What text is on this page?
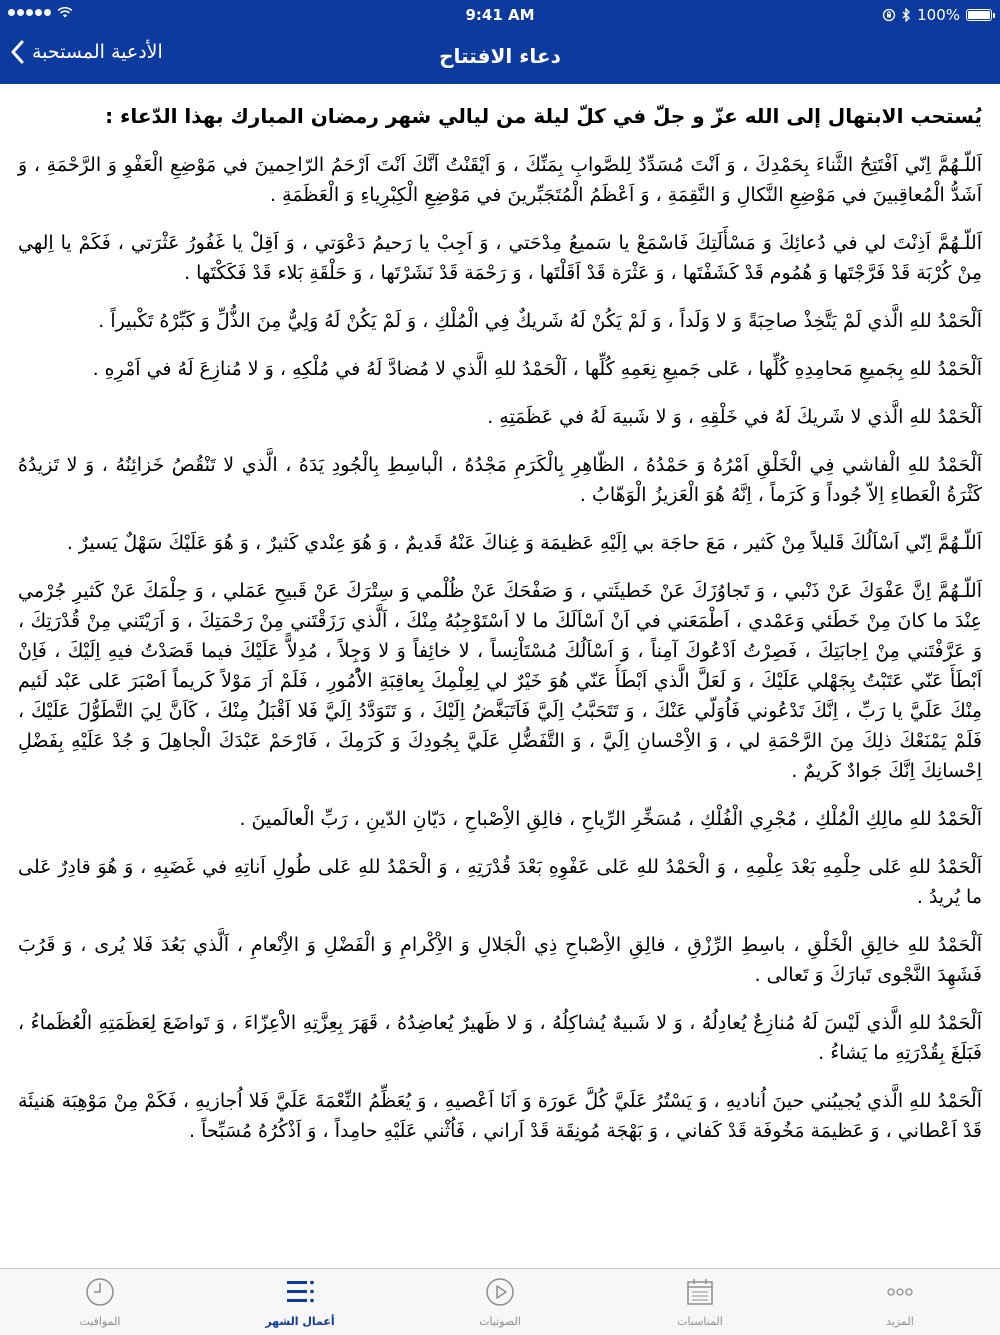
9:41 AM	100%
الأدعية المستحبة	دعاء الافتتاح
يُستحب الابتهال إلى الله عزّ و جلّ في كلّ ليلة من ليالي شهر رمضان المبارك بهذا الدّعاء :
اَللّـهُمَّ اِنّي اَفْتَتِحُ الثَّناءَ بِحَمْدِكَ ، وَ اَنْتَ مُسَدِّدٌ لِلصَّوابِ بِمَنِّكَ ، وَ اَيْقَنْتُ اَنَّكَ اَنْتَ اَرْحَمُ الرّاحِمينَ في مَوْضِعِ الْعَفْوِ وَ الرَّحْمَةِ ، وَ اَشَدُّ الْمُعاقِبينَ في مَوْضِعِ النَّكالِ وَ النَّقِمَةِ ، وَ اَعْظَمُ الْمُتَجَبِّرينَ في مَوْضِعِ الْكِبْرِياءِ وَ الْعَظَمَةِ .
اَللّـهُمَّ اَذِنْتَ لي في دُعائِكَ وَ مَسْأَلَتِكَ فَاسْمَعْ يا سَميعُ مِدْحَتي ، وَ اَجِبْ يا رَحيمُ دَعْوَتي ، وَ اَقِلْ يا غَفُورُ عَثْرَتي ، فَكَمْ يا اِلهي مِنْ كُرْبَة قَدْ فَرَّجْتَها وَ هُمُوم قَدْ كَشَفْتَها ، وَ عَثْرَة قَدْ اَقَلْتَها ، وَ رَحْمَة قَدْ نَشَرْتَها ، وَ حَلْقَةِ بَلاء قَدْ فَكَكْتَها .
اَلْحَمْدُ للهِ الَّذي لَمْ يَتَّخِذْ صاحِبَةً وَ لا وَلَداً ، وَ لَمْ يَكُنْ لَهُ شَريكٌ فِي الْمُلْكِ ، وَ لَمْ يَكُنْ لَهُ وَلِيٌّ مِنَ الذُّلِّ وَ كَبِّرْهُ تَكْبيراً .
اَلْحَمْدُ للهِ بِجَميعِ مَحامِدِهِ كُلِّها ، عَلى جَميعِ نِعَمِهِ كُلِّها ، اَلْحَمْدُ للهِ الَّذي لا مُضادَّ لَهُ في مُلْكِهِ ، وَ لا مُنازِعَ لَهُ في اَمْرِهِ .
اَلْحَمْدُ للهِ الَّذي لا شَريكَ لَهُ في خَلْقِهِ ، وَ لا شَبيهَ لَهُ في عَظَمَتِهِ .
اَلْحَمْدُ للهِ الْفاشي فِي الْخَلْقِ اَمْرُهُ وَ حَمْدُهُ ، الظّاهِرِ بِالْكَرَمِ مَجْدُهُ ، الْباسِطِ بِالْجُودِ يَدَهُ ، الَّذي لا تَنْقُصُ خَزائِنُهُ ، وَ لا تَزيدُهُ كَثْرَةُ الْعَطاءِ اِلاّ جُوداً وَ كَرَماً ، اِنَّهُ هُوَ الْعَزيزُ الْوَهّابُ .
اَللّـهُمَّ اِنّي اَسْاَلُكَ قَليلاً مِنْ كَثير ، مَعَ حاجَة بي اِلَيْهِ عَظيمَة وَ غِناكَ عَنْهُ قَديمٌ ، وَ هُوَ عِنْدي كَثيرٌ ، وَ هُوَ عَلَيْكَ سَهْلٌ يَسيرٌ .
اَللّـهُمَّ اِنَّ عَفْوَكَ عَنْ ذَنْبي ، وَ تَجاوُزَكَ عَنْ خَطيئَتي ، وَ صَفْحَكَ عَنْ ظُلْمي وَ سِتْرَكَ عَنْ قَبيحِ عَمَلي ، وَ حِلْمَكَ عَنْ كَثيرِ جُرْمي عِنْدَ ما كانَ مِنْ خَطَئي وَعَمْدي ، اَطْمَعَني في اَنْ اَسْاَلَكَ ما لا اَسْتَوْجِبُهُ مِنْكَ ، اَلَّذي رَزَقْتَني مِنْ رَحْمَتِكَ ، وَ اَرَيْتَني مِنْ قُدْرَتِكَ ، وَ عَرَّفْتَني مِنْ اِجابَتِكَ ، فَصِرْتُ اَدْعُوكَ آمِناً ، وَ اَسْاَلُكَ مُسْتَاْنِساً ، لا خائِفاً وَ لا وَجِلاً ، مُدِلاًّ عَلَيْكَ فيما قَصَدْتُ فيهِ اِلَيْكَ ، فَاِنْ اَبْطَأَ عَنّي عَتَبْتُ بِجَهْلي عَلَيْكَ ، وَ لَعَلَّ الَّذي اَبْطَأَ عَنّي هُوَ خَيْرٌ لي لِعِلْمِكَ بِعاقِبَةِ الاُْمُورِ ، فَلَمْ اَرَ مَوْلاً كَريماً اَصْبَرَ عَلى عَبْد لَئيم مِنْكَ عَلَيَّ يا رَبِّ ، اِنَّكَ تَدْعُوني فَاُوَلّي عَنْكَ ، وَ تَتَحَبَّبُ اِلَيَّ فَاَتَبَغَّضُ اِلَيْكَ ، وَ تَتَوَدَّدُ اِلَيَّ فَلا اَقْبَلُ مِنْكَ ، كَاَنَّ لِيَ التَّطَوُّلَ عَلَيْكَ ، فَلَمْ يَمْنَعْكَ ذلِكَ مِنَ الرَّحْمَةِ لي ، وَ الاِْحْسانِ اِلَيَّ ، وَ التَّفَضُّلِ عَلَيَّ بِجُودِكَ وَ كَرَمِكَ ، فَارْحَمْ عَبْدَكَ الْجاهِلَ وَ جُدْ عَلَيْهِ بِفَضْلِ اِحْسانِكَ اِنَّكَ جَوادٌ كَريمٌ .
اَلْحَمْدُ للهِ مالِكِ الْمُلْكِ ، مُجْرِي الْفُلْكِ ، مُسَخِّرِ الرِّياحِ ، فالِقِ الاِْصْباحِ ، دَيّانِ الدّينِ ، رَبِّ الْعالَمينَ .
اَلْحَمْدُ للهِ عَلى حِلْمِهِ بَعْدَ عِلْمِهِ ، وَ الْحَمْدُ للهِ عَلى عَفْوِهِ بَعْدَ قُدْرَتِهِ ، وَ الْحَمْدُ للهِ عَلى طُولِ اَناتِهِ في غَضَبِهِ ، وَ هُوَ قادِرٌ عَلى ما يُريدُ .
اَلْحَمْدُ للهِ خالِقِ الْخَلْقِ ، باسِطِ الرِّزْقِ ، فالِقِ الاِْصْباحِ ذِي الْجَلالِ وَ الاِْكْرامِ وَ الْفَضْلِ وَ الاِْنْعامِ ، اَلَّذي بَعُدَ فَلا يُرى ، وَ قَرُبَ فَشَهِدَ النَّجْوى تَبارَكَ وَ تَعالى .
اَلْحَمْدُ للهِ الَّذي لَيْسَ لَهُ مُنازِعٌ يُعادِلُهُ ، وَ لا شَبيهٌ يُشاكِلُهُ ، وَ لا ظَهيرٌ يُعاضِدُهُ ، قَهَرَ بِعِزَّتِهِ الاَْعِزّاءَ ، وَ تَواضَعَ لِعَظَمَتِهِ الْعُظَماءُ ، فَبَلَغَ بِقُدْرَتِهِ ما يَشاءُ .
اَلْحَمْدُ للهِ الَّذي يُجيبُني حينَ اُناديهِ ، وَ يَسْتُرُ عَلَيَّ كُلَّ عَورَة وَ اَنَا اَعْصيهِ ، وَ يُعَظِّمُ النِّعْمَةَ عَلَيَّ فَلا اُجازيهِ ، فَكَمْ مِنْ مَوْهِبَة هَنيئَة قَدْ اَعْطاني ، وَ عَظيمَة مَخُوفَة قَدْ كَفاني ، وَ بَهْجَة مُونِقَة قَدْ اَراني ، فَاُثْني عَلَيْهِ حامِداً ، وَ اَذْكُرُهُ مُسَبِّحاً .
المواقيت	أعمال الشهر	الصوتيات	المناسبات	المزيد
